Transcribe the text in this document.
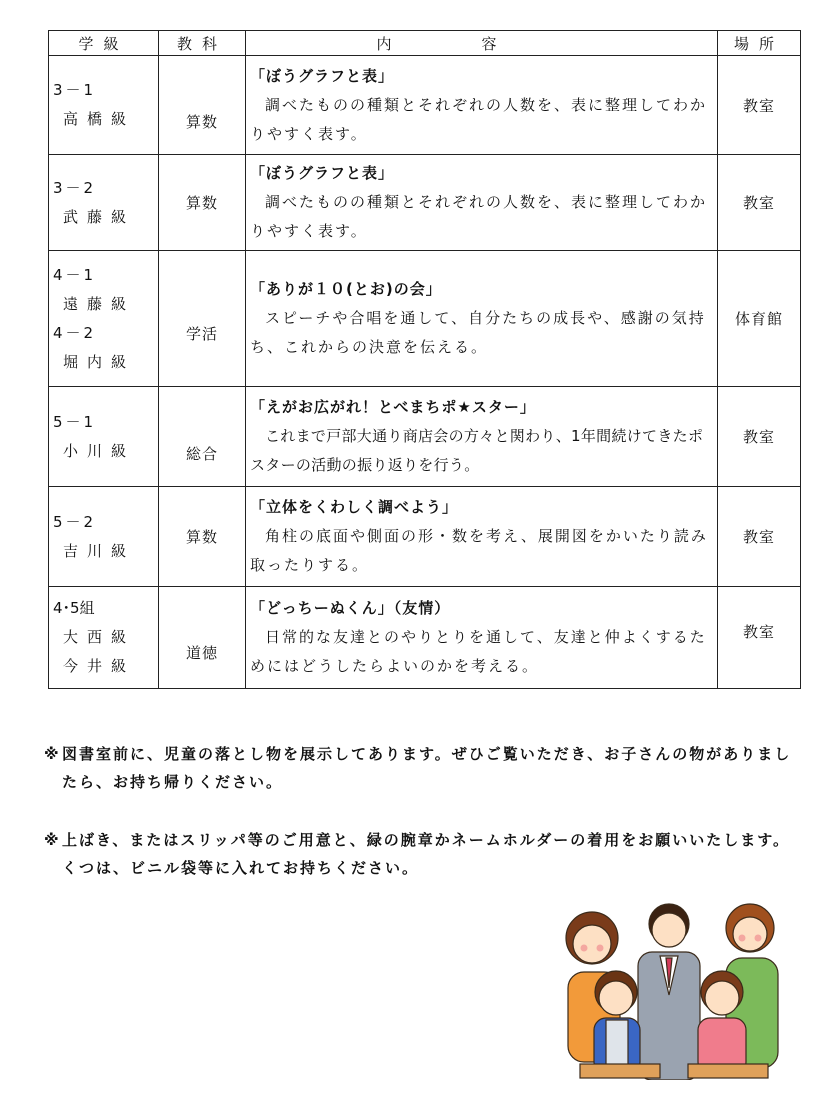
学級	教科	内容	場所

3－1
高橋級	算数	「ぼうグラフと表」
調べたものの種類とそれぞれの人数を、表に整理してわかりやすく表す。	教室

3－2
武藤級	算数	「ぼうグラフと表」
調べたものの種類とそれぞれの人数を、表に整理してわかりやすく表す。	教室

4－1
遠藤級
4－2
堀内級	学活	「ありが１０(とお)の会」
スピーチや合唱を通して、自分たちの成長や、感謝の気持ち、これからの決意を伝える。	体育館

5－1
小川級	総合	「えがお広がれ！とべまちポ★スター」
これまで戸部大通り商店会の方々と関わり、1年間続けてきたポスターの活動の振り返りを行う。	教室

5－2
吉川級	算数	「立体をくわしく調べよう」
角柱の底面や側面の形・数を考え、展開図をかいたり読み取ったりする。	教室

4･5組
大西級
今井級	道徳	「どっちーぬくん」（友情）
日常的な友達とのやりとりを通して、友達と仲よくするためにはどうしたらよいのかを考える。	教室
※ 図書室前に、児童の落とし物を展示してあります。ぜひご覧いただき、お子さんの物がありましたら、お持ち帰りください。
※ 上ばき、またはスリッパ等のご用意と、緑の腕章かネームホルダーの着用をお願いいたします。くつは、ビニル袋等に入れてお持ちください。
